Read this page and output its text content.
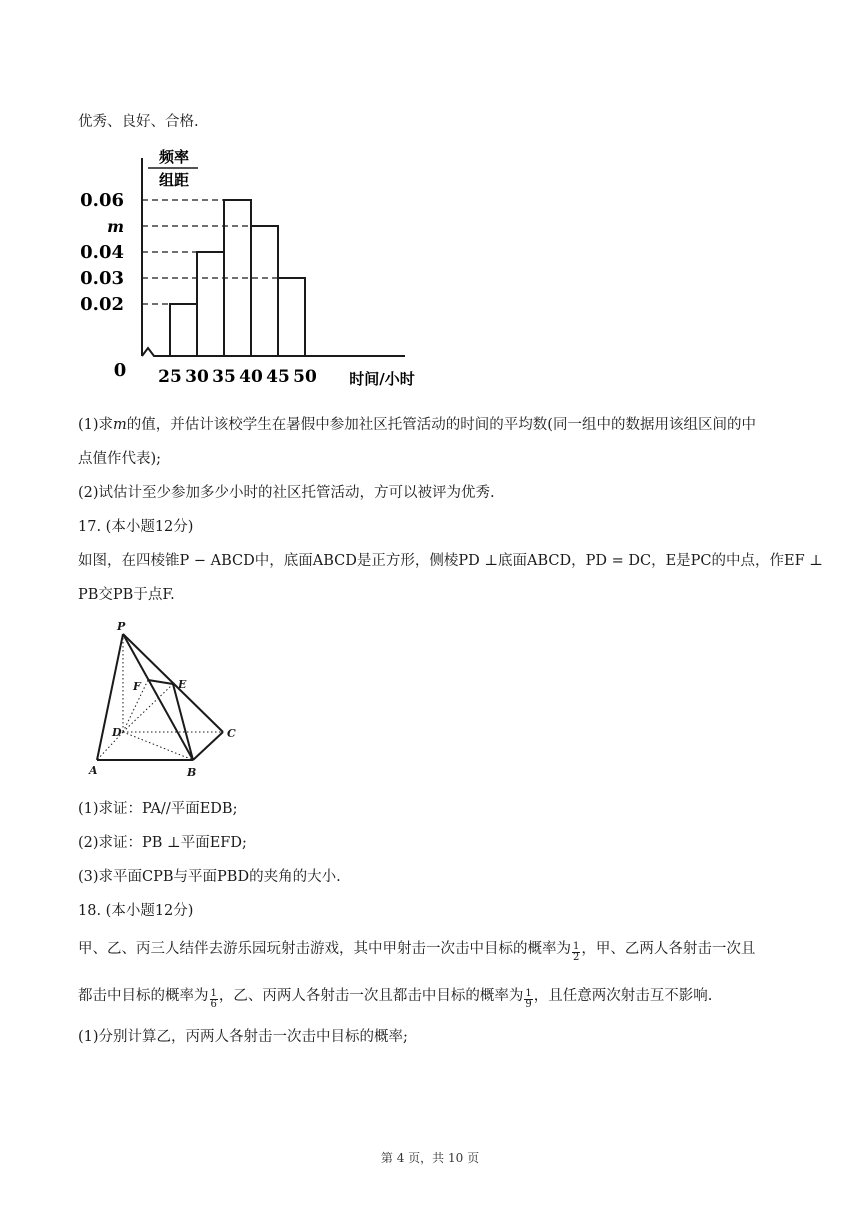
优秀、良好、合格.
0.06
m
0.04
0.03
0.02
25 30 35 40 45 50
频率
组距
0	时间/小时
(1)求m的值，并估计该校学生在暑假中参加社区托管活动的时间的平均数(同一组中的数据用该组区间的中
点值作代表);
(2)试估计至少参加多少小时的社区托管活动，方可以被评为优秀.
17. (本小题12分)
如图，在四棱锥P − ABCD中，底面ABCD是正方形，侧棱PD ⊥底面ABCD，PD = DC，E是PC的中点，作EF ⊥
PB交PB于点F.
P
F	E
D	C
A	B
(1)求证：PA//平面EDB;
(2)求证：PB ⊥平面EFD;
(3)求平面CPB与平面PBD的夹角的大小.
18. (本小题12分)
甲、乙、丙三人结伴去游乐园玩射击游戏，其中甲射击一次击中目标的概率为 $\frac{1}{2}$ ，甲、乙两人各射击一次且
都击中目标的概率为 $\frac{1}{6}$ ，乙、丙两人各射击一次且都击中目标的概率为 $\frac{1}{9}$ ，且任意两次射击互不影响.
(1)分别计算乙，丙两人各射击一次击中目标的概率;
第 4 页，共 10 页
